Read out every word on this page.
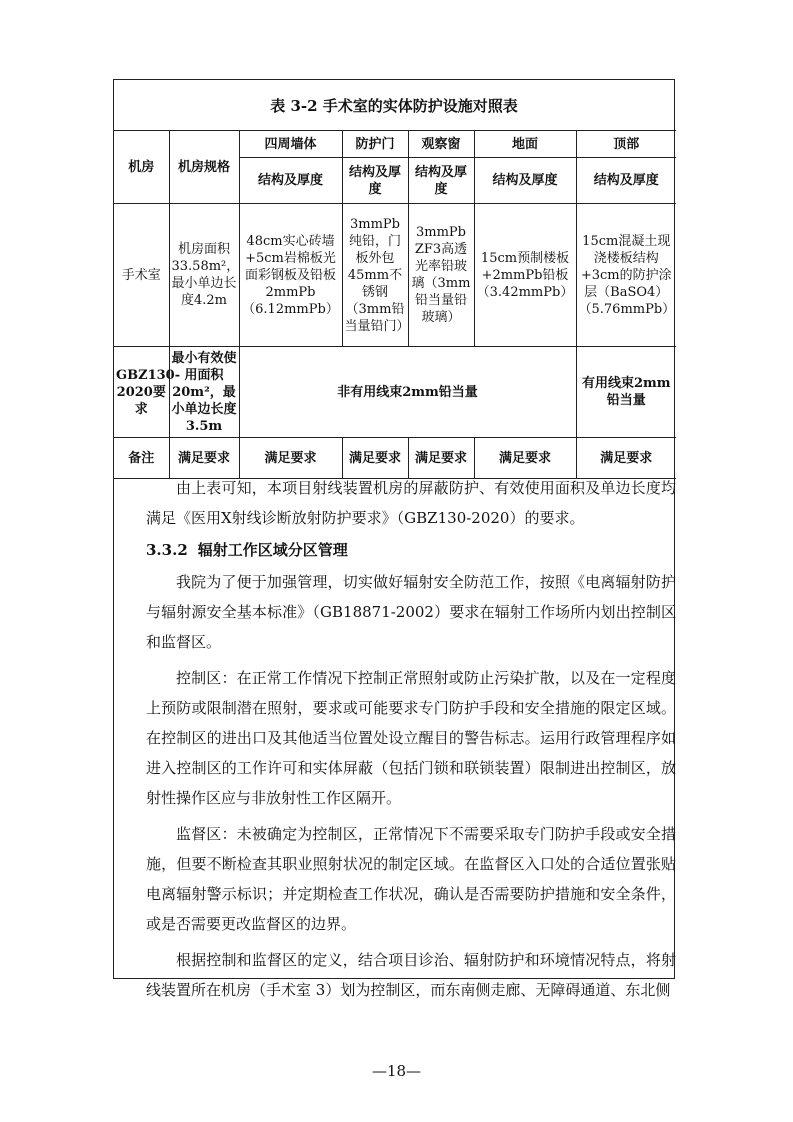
表 3-2 手术室的实体防护设施对照表
机房	机房规格	四周墙体	防护门	观察窗	地面	顶部
		结构及厚度	结构及厚度	结构及厚度	结构及厚度	结构及厚度
手术室	机房面积33.58m²，最小单边长度4.2m	48cm实心砖墙+5cm岩棉板光面彩钢板及铅板2mmPb（6.12mmPb）	3mmPb纯铅，门板外包45mm不锈钢（3mm铅当量铅门）	3mmPb ZF3高透光率铅玻璃（3mm铅当量铅玻璃）	15cm预制楼板+2mmPb铅板（3.42mmPb）	15cm混凝土现浇楼板结构+3cm的防护涂层（BaSO4）（5.76mmPb）
GBZ130-2020要求	最小有效使用面积20m²，最小单边长度3.5m	非有用线束2mm铅当量				有用线束2mm铅当量
备注	满足要求	满足要求	满足要求	满足要求	满足要求	满足要求

由上表可知，本项目射线装置机房的屏蔽防护、有效使用面积及单边长度均满足《医用X射线诊断放射防护要求》（GBZ130-2020）的要求。

3.3.2 辐射工作区域分区管理

我院为了便于加强管理，切实做好辐射安全防范工作，按照《电离辐射防护与辐射源安全基本标准》（GB18871-2002）要求在辐射工作场所内划出控制区和监督区。

控制区：在正常工作情况下控制正常照射或防止污染扩散，以及在一定程度上预防或限制潜在照射，要求或可能要求专门防护手段和安全措施的限定区域。在控制区的进出口及其他适当位置处设立醒目的警告标志。运用行政管理程序如进入控制区的工作许可和实体屏蔽（包括门锁和联锁装置）限制进出控制区，放射性操作区应与非放射性工作区隔开。

监督区：未被确定为控制区，正常情况下不需要采取专门防护手段或安全措施，但要不断检查其职业照射状况的制定区域。在监督区入口处的合适位置张贴电离辐射警示标识；并定期检查工作状况，确认是否需要防护措施和安全条件，或是否需要更改监督区的边界。

根据控制和监督区的定义，结合项目诊治、辐射防护和环境情况特点，将射线装置所在机房（手术室 3）划为控制区，而东南侧走廊、无障碍通道、东北侧

—18—
